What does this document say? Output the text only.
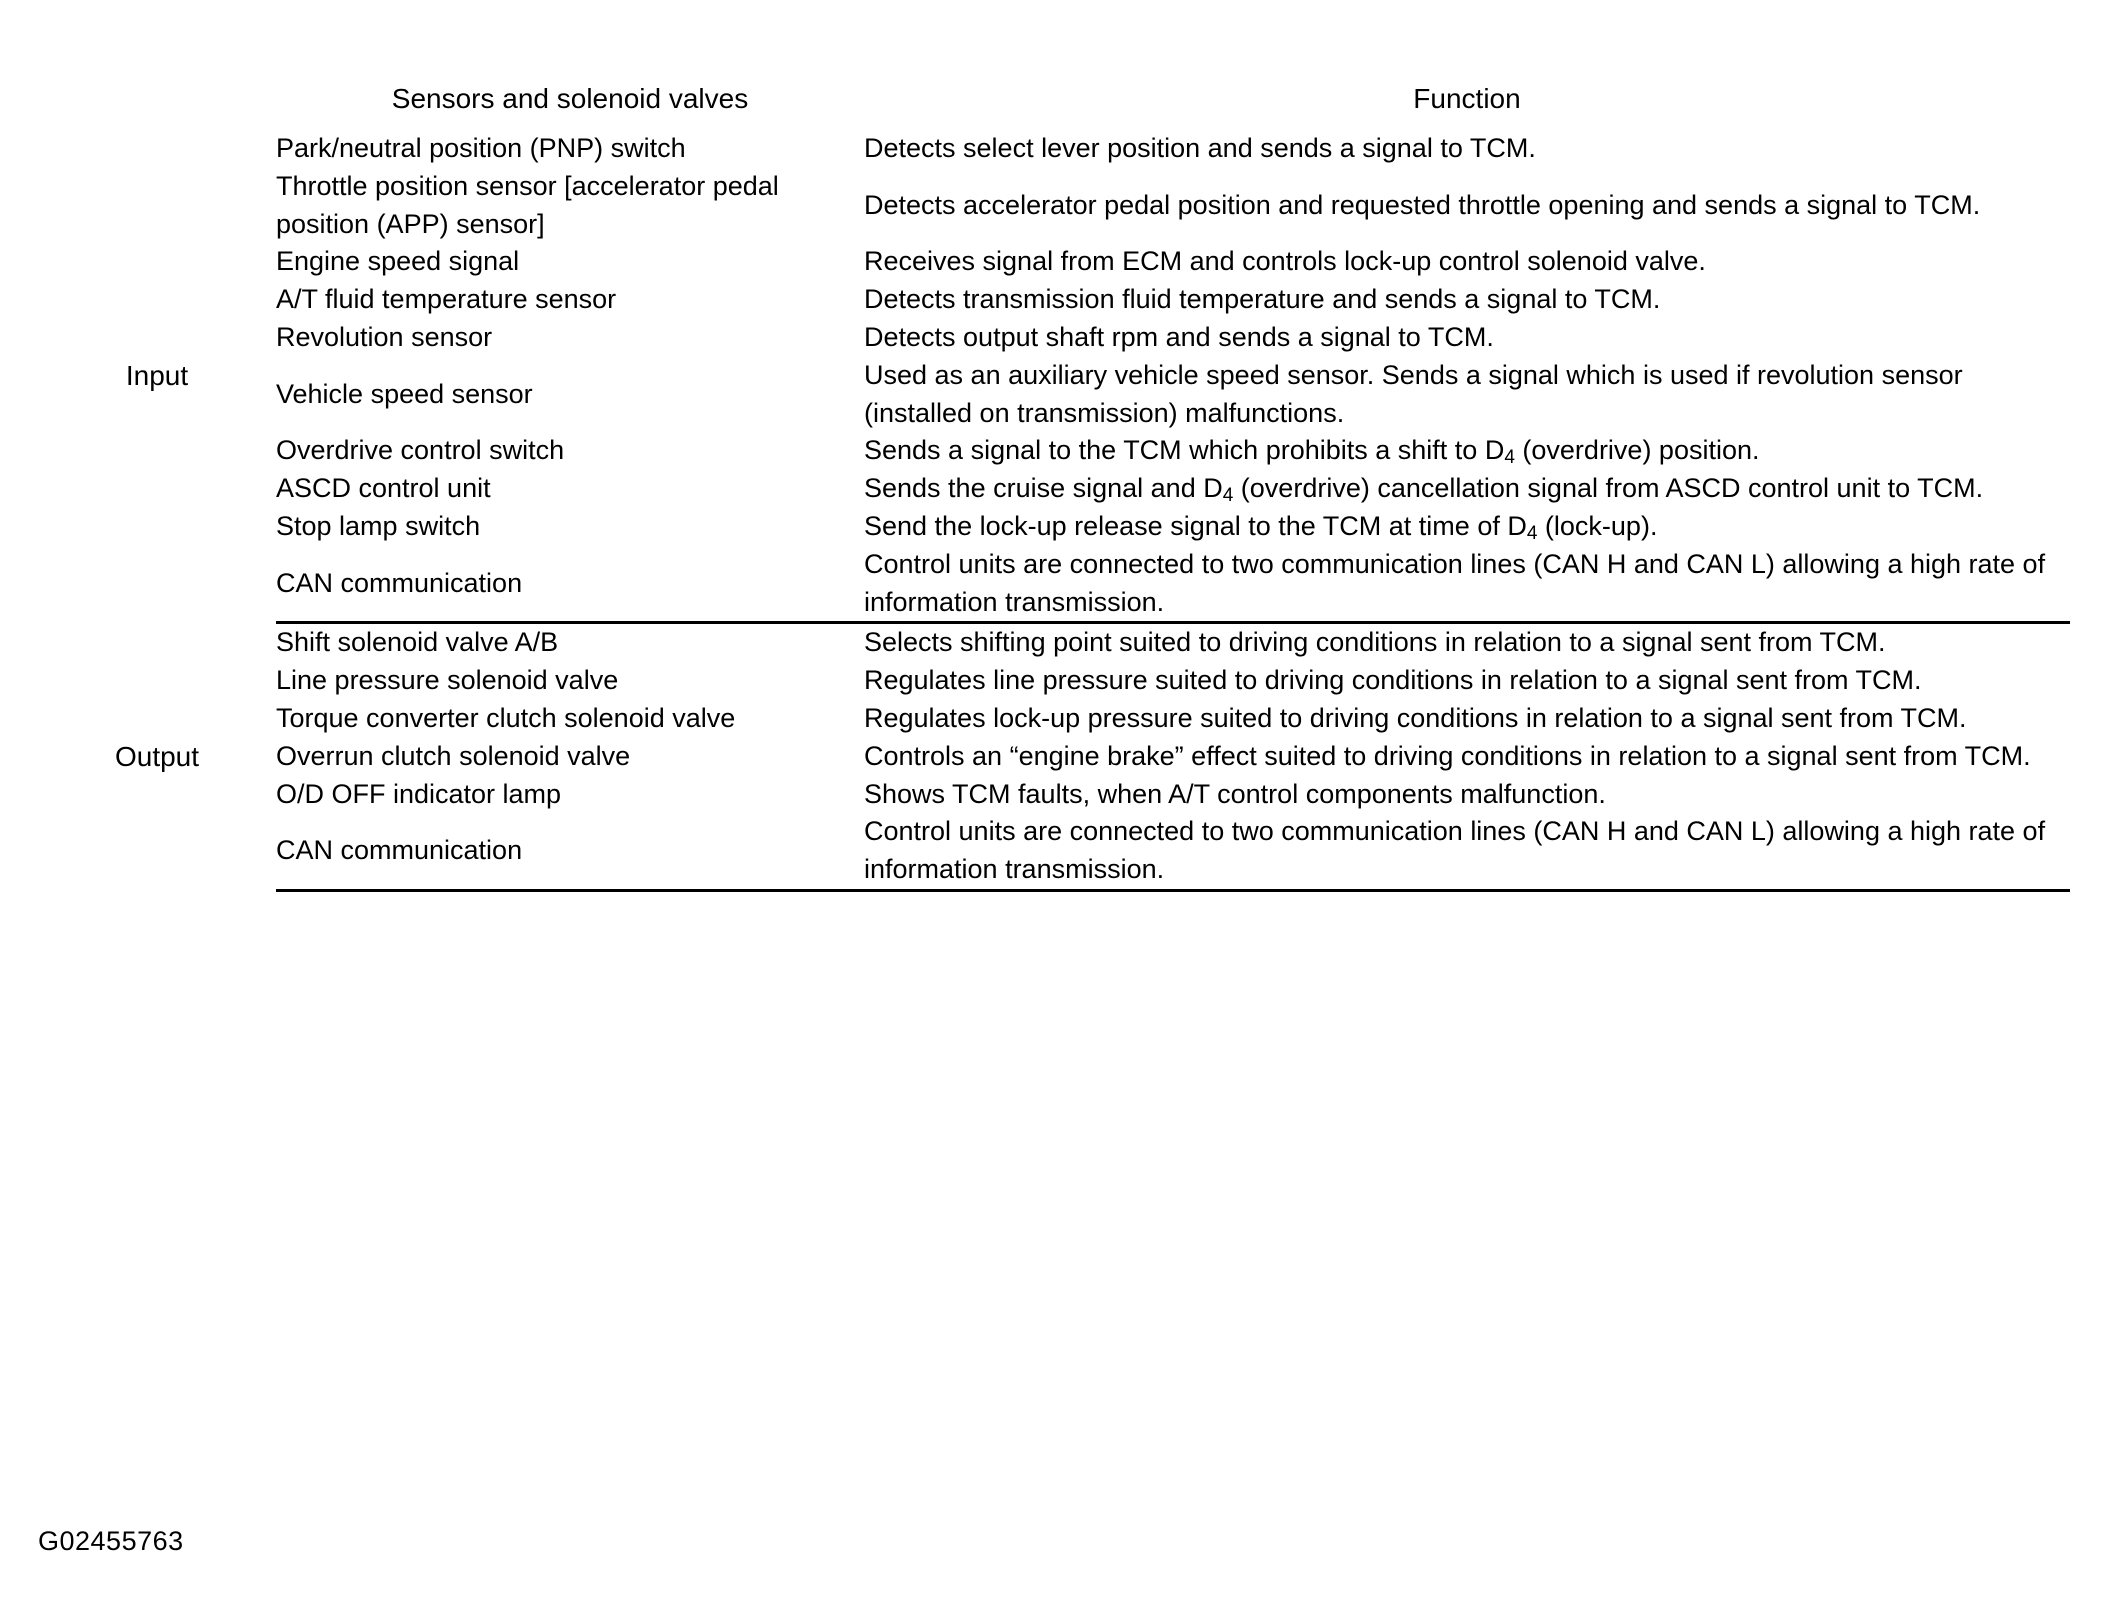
	Sensors and solenoid valves	Function
Input	Park/neutral position (PNP) switch	Detects select lever position and sends a signal to TCM.
	Throttle position sensor [accelerator pedal position (APP) sensor]	Detects accelerator pedal position and requested throttle opening and sends a signal to TCM.
	Engine speed signal	Receives signal from ECM and controls lock-up control solenoid valve.
	A/T fluid temperature sensor	Detects transmission fluid temperature and sends a signal to TCM.
	Revolution sensor	Detects output shaft rpm and sends a signal to TCM.
	Vehicle speed sensor	Used as an auxiliary vehicle speed sensor. Sends a signal which is used if revolution sensor (installed on transmission) malfunctions.
	Overdrive control switch	Sends a signal to the TCM which prohibits a shift to $D_4$ (overdrive) position.
	ASCD control unit	Sends the cruise signal and $D_4$ (overdrive) cancellation signal from ASCD control unit to TCM.
	Stop lamp switch	Send the lock-up release signal to the TCM at time of $D_4$ (lock-up).
	CAN communication	Control units are connected to two communication lines (CAN H and CAN L) allowing a high rate of information transmission.
Output	Shift solenoid valve A/B	Selects shifting point suited to driving conditions in relation to a signal sent from TCM.
	Line pressure solenoid valve	Regulates line pressure suited to driving conditions in relation to a signal sent from TCM.
	Torque converter clutch solenoid valve	Regulates lock-up pressure suited to driving conditions in relation to a signal sent from TCM.
	Overrun clutch solenoid valve	Controls an “engine brake” effect suited to driving conditions in relation to a signal sent from TCM.
	O/D OFF indicator lamp	Shows TCM faults, when A/T control components malfunction.
	CAN communication	Control units are connected to two communication lines (CAN H and CAN L) allowing a high rate of information transmission.
G02455763
